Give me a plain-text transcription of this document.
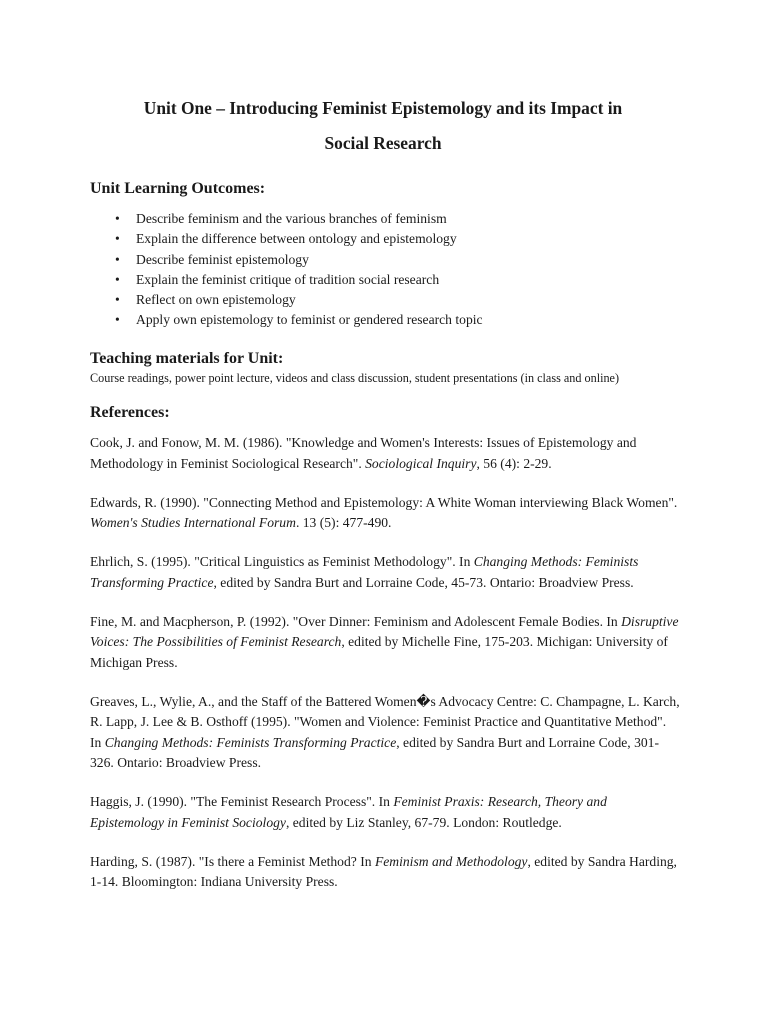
Unit One – Introducing Feminist Epistemology and its Impact in
Social Research
Unit Learning Outcomes:
• Describe feminism and the various branches of feminism
• Explain the difference between ontology and epistemology
• Describe feminist epistemology
• Explain the feminist critique of tradition social research
• Reflect on own epistemology
• Apply own epistemology to feminist or gendered research topic
Teaching materials for Unit:

Course readings, power point lecture, videos and class discussion, student presentations (in class and online)

References:

Cook, J. and Fonow, M. M. (1986). "Knowledge and Women's Interests: Issues of Epistemology and Methodology in Feminist Sociological Research". Sociological Inquiry, 56 (4): 2-29.

Edwards, R. (1990). "Connecting Method and Epistemology: A White Woman interviewing Black Women". Women's Studies International Forum. 13 (5): 477-490.

Ehrlich, S. (1995). "Critical Linguistics as Feminist Methodology". In Changing Methods: Feminists Transforming Practice, edited by Sandra Burt and Lorraine Code, 45-73. Ontario: Broadview Press.

Fine, M. and Macpherson, P. (1992). "Over Dinner: Feminism and Adolescent Female Bodies. In Disruptive Voices: The Possibilities of Feminist Research, edited by Michelle Fine, 175-203. Michigan: University of Michigan Press.

Greaves, L., Wylie, A., and the Staff of the Battered Women�s Advocacy Centre: C. Champagne, L. Karch, R. Lapp, J. Lee & B. Osthoff (1995). "Women and Violence: Feminist Practice and Quantitative Method". In Changing Methods: Feminists Transforming Practice, edited by Sandra Burt and Lorraine Code, 301-326. Ontario: Broadview Press.

Haggis, J. (1990). "The Feminist Research Process". In Feminist Praxis: Research, Theory and Epistemology in Feminist Sociology, edited by Liz Stanley, 67-79. London: Routledge.

Harding, S. (1987). "Is there a Feminist Method? In Feminism and Methodology, edited by Sandra Harding, 1-14. Bloomington: Indiana University Press.
